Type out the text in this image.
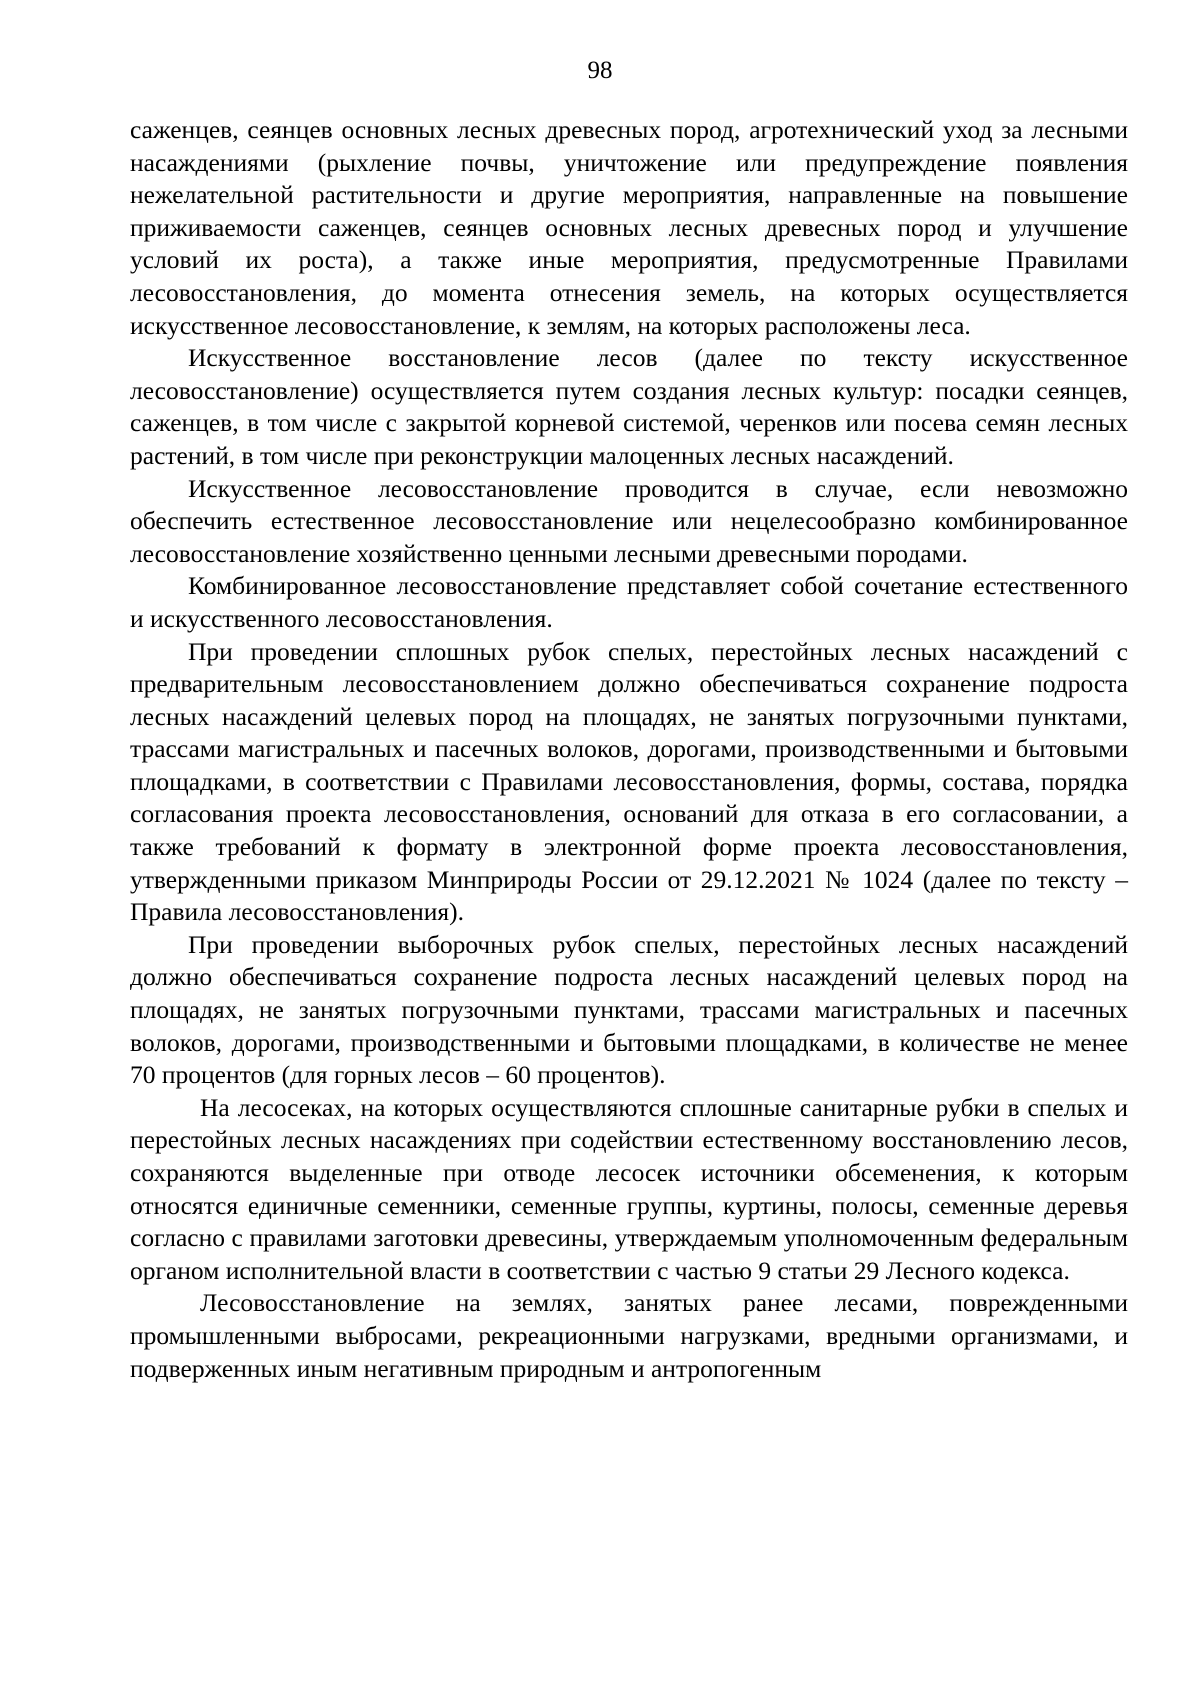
98

саженцев, сеянцев основных лесных древесных пород, агротехнический уход за лесными насаждениями (рыхление почвы, уничтожение или предупреждение появления нежелательной растительности и другие мероприятия, направленные на повышение приживаемости саженцев, сеянцев основных лесных древесных пород и улучшение условий их роста), а также иные мероприятия, предусмотренные Правилами лесовосстановления, до момента отнесения земель, на которых осуществляется искусственное лесовосстановление, к землям, на которых расположены леса.

Искусственное восстановление лесов (далее по тексту искусственное лесовосстановление) осуществляется путем создания лесных культур: посадки сеянцев, саженцев, в том числе с закрытой корневой системой, черенков или посева семян лесных растений, в том числе при реконструкции малоценных лесных насаждений.

Искусственное лесовосстановление проводится в случае, если невозможно обеспечить естественное лесовосстановление или нецелесообразно комбинированное лесовосстановление хозяйственно ценными лесными древесными породами.

Комбинированное лесовосстановление представляет собой сочетание естественного и искусственного лесовосстановления.

При проведении сплошных рубок спелых, перестойных лесных насаждений с предварительным лесовосстановлением должно обеспечиваться сохранение подроста лесных насаждений целевых пород на площадях, не занятых погрузочными пунктами, трассами магистральных и пасечных волоков, дорогами, производственными и бытовыми площадками, в соответствии с Правилами лесовосстановления, формы, состава, порядка согласования проекта лесовосстановления, оснований для отказа в его согласовании, а также требований к формату в электронной форме проекта лесовосстановления, утвержденными приказом Минприроды России от 29.12.2021 № 1024 (далее по тексту – Правила лесовосстановления).

При проведении выборочных рубок спелых, перестойных лесных насаждений должно обеспечиваться сохранение подроста лесных насаждений целевых пород на площадях, не занятых погрузочными пунктами, трассами магистральных и пасечных волоков, дорогами, производственными и бытовыми площадками, в количестве не менее 70 процентов (для горных лесов – 60 процентов).

На лесосеках, на которых осуществляются сплошные санитарные рубки в спелых и перестойных лесных насаждениях при содействии естественному восстановлению лесов, сохраняются выделенные при отводе лесосек источники обсеменения, к которым относятся единичные семенники, семенные группы, куртины, полосы, семенные деревья согласно с правилами заготовки древесины, утверждаемым уполномоченным федеральным органом исполнительной власти в соответствии с частью 9 статьи 29 Лесного кодекса.

Лесовосстановление на землях, занятых ранее лесами, поврежденными промышленными выбросами, рекреационными нагрузками, вредными организмами, и подверженных иным негативным природным и антропогенным
